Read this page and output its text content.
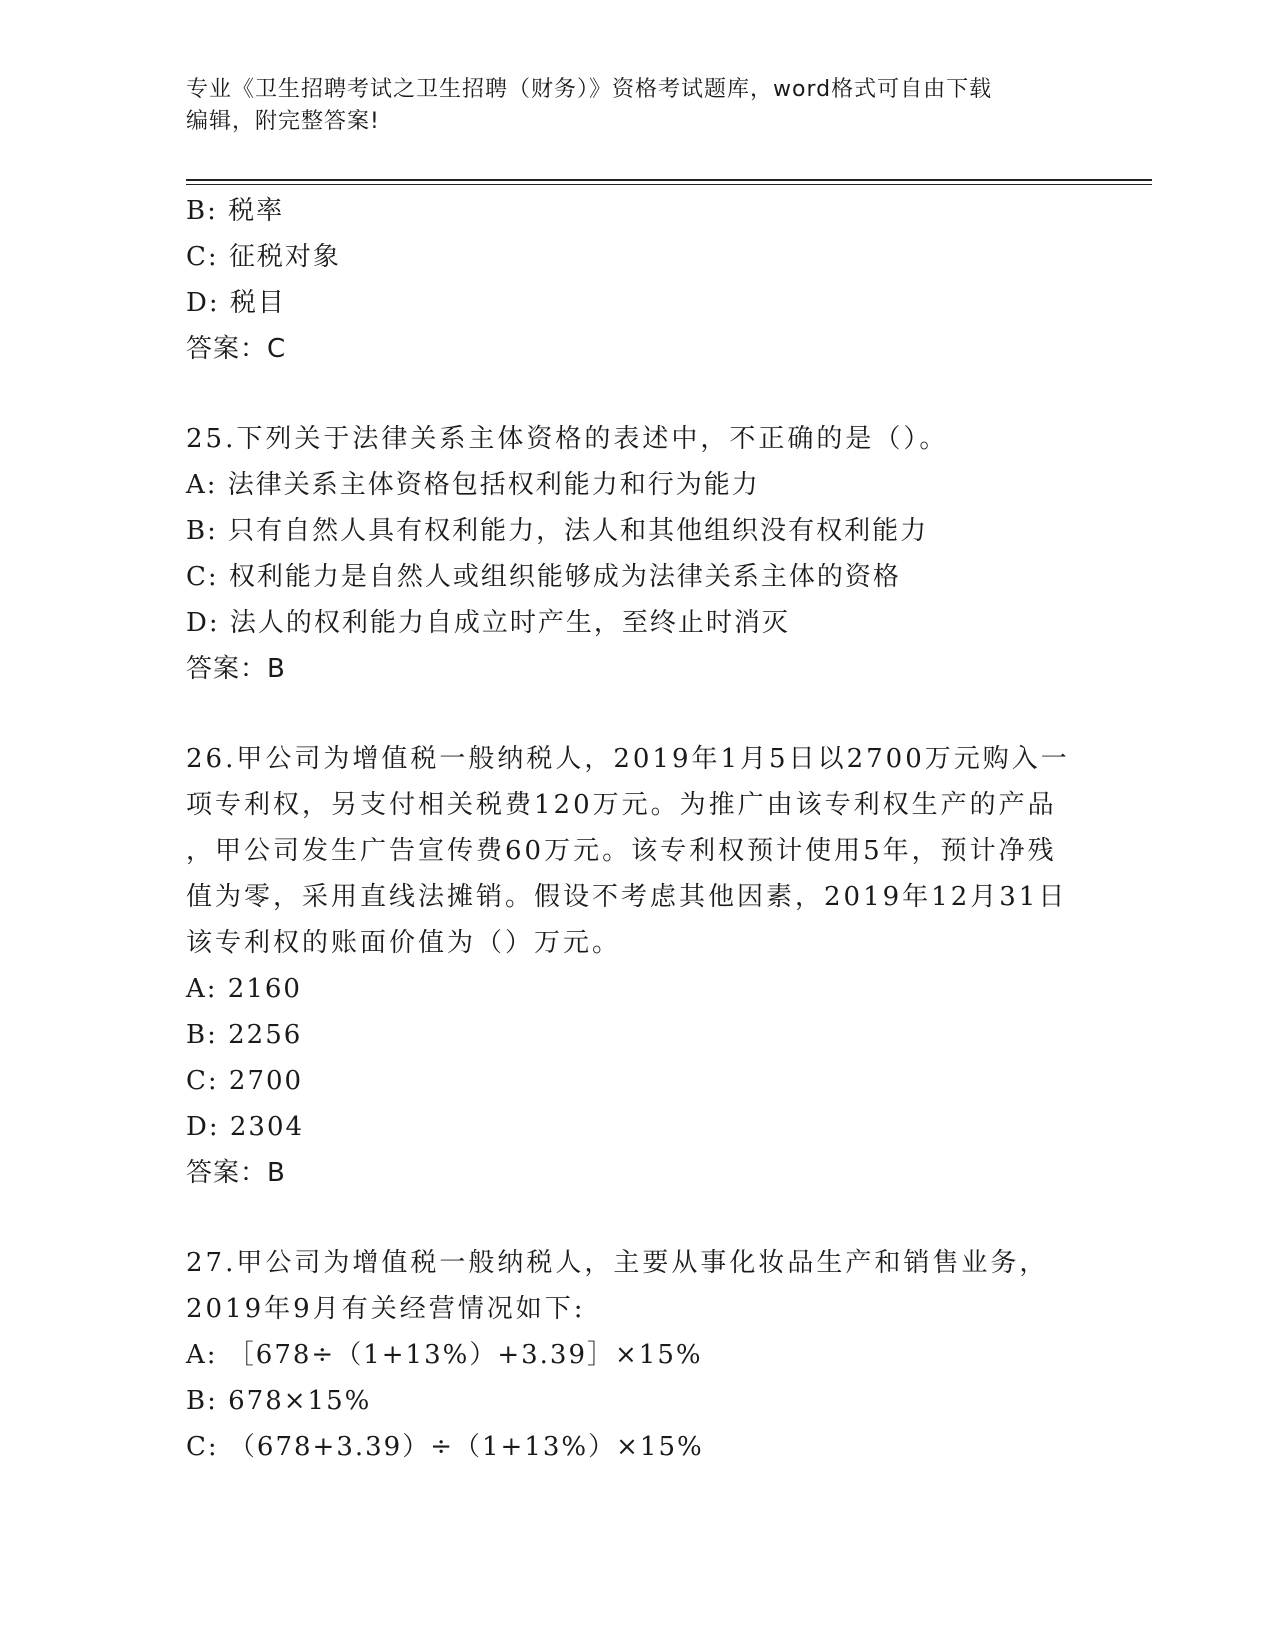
专业《卫生招聘考试之卫生招聘（财务）》资格考试题库，word格式可自由下载
编辑，附完整答案!
B: 税率
C: 征税对象
D: 税目
答案：C
25.下列关于法律关系主体资格的表述中，不正确的是（）。
A: 法律关系主体资格包括权利能力和行为能力
B: 只有自然人具有权利能力，法人和其他组织没有权利能力
C: 权利能力是自然人或组织能够成为法律关系主体的资格
D: 法人的权利能力自成立时产生，至终止时消灭
答案：B
26.甲公司为增值税一般纳税人，2019年1月5日以2700万元购入一
项专利权，另支付相关税费120万元。为推广由该专利权生产的产品
，甲公司发生广告宣传费60万元。该专利权预计使用5年，预计净残
值为零，采用直线法摊销。假设不考虑其他因素，2019年12月31日
该专利权的账面价值为（）万元。
A: 2160
B: 2256
C: 2700
D: 2304
答案：B
27.甲公司为增值税一般纳税人，主要从事化妆品生产和销售业务，
2019年9月有关经营情况如下:
A: ［678÷（1+13%）+3.39］×15%
B: 678×15%
C: （678+3.39）÷（1+13%）×15%
